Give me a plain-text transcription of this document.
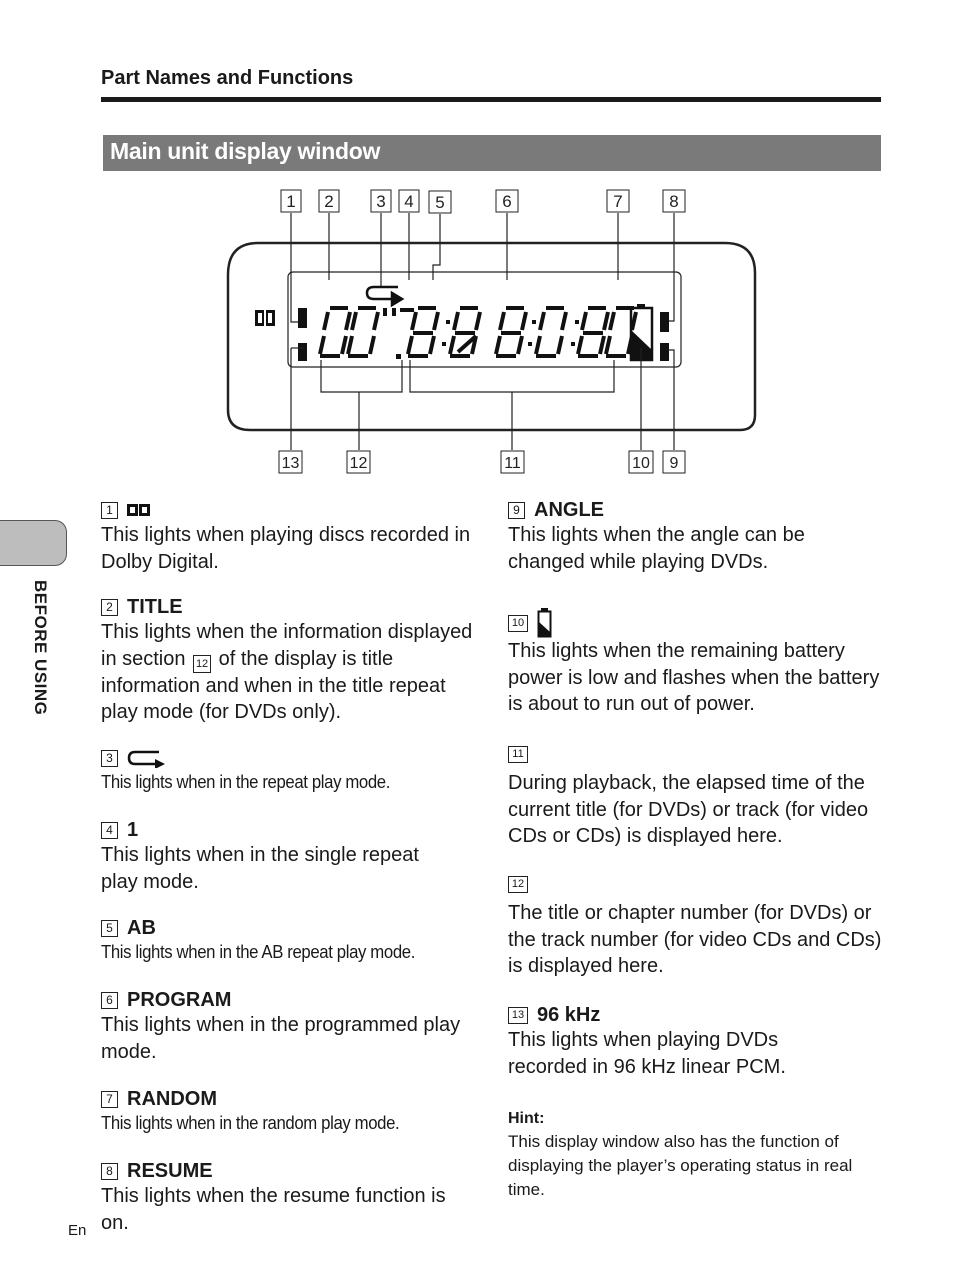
Part Names and Functions
Main unit display window
BEFORE USING
1 2	3 4 5	6	7	8
13	12	11	10 9
1

This lights when playing discs recorded in Dolby Digital.

2 TITLE

This lights when the information displayed in section 12 of the display is title information and when in the title repeat play mode (for DVDs only).

3

This lights when in the repeat play mode.

4 1

This lights when in the single repeat play mode.

5 AB

This lights when in the AB repeat play mode.

6 PROGRAM

This lights when in the programmed play mode.

7 RANDOM

This lights when in the random play mode.

8 RESUME

This lights when the resume function is on.

9 ANGLE

This lights when the angle can be changed while playing DVDs.

10

This lights when the remaining battery power is low and flashes when the battery is about to run out of power.

11

During playback, the elapsed time of the current title (for DVDs) or track (for video CDs or CDs) is displayed here.

12

The title or chapter number (for DVDs) or the track number (for video CDs and CDs) is displayed here.

13 96 kHz

This lights when playing DVDs recorded in 96 kHz linear PCM.

Hint:

This display window also has the function of displaying the player’s operating status in real time.

En
